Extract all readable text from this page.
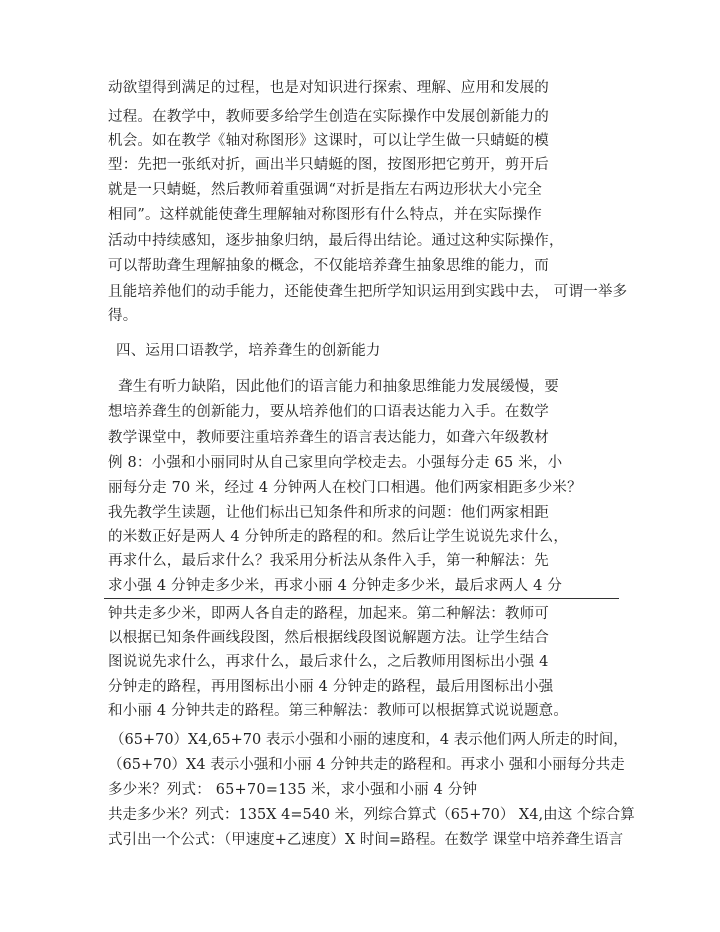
动欲望得到满足的过程，也是对知识进行探索、理解、应用和发展的
过程。在教学中，教师要多给学生创造在实际操作中发展创新能力的
机会。如在教学《轴对称图形》这课时，可以让学生做一只蜻蜓的模
型：先把一张纸对折，画出半只蜻蜓的图，按图形把它剪开，剪开后
就是一只蜻蜓，然后教师着重强调“对折是指左右两边形状大小完全
相同”。这样就能使聋生理解轴对称图形有什么特点，并在实际操作
活动中持续感知，逐步抽象归纳，最后得出结论。通过这种实际操作，
可以帮助聋生理解抽象的概念，不仅能培养聋生抽象思维的能力，而
且能培养他们的动手能力，还能使聋生把所学知识运用到实践中去， 可谓一举多
得。
四、运用口语教学，培养聋生的创新能力
聋生有听力缺陷，因此他们的语言能力和抽象思维能力发展缓慢，要
想培养聋生的创新能力，要从培养他们的口语表达能力入手。在数学
教学课堂中，教师要注重培养聋生的语言表达能力，如聋六年级教材
例 8：小强和小丽同时从自己家里向学校走去。小强每分走 65 米，小
丽每分走 70 米，经过 4 分钟两人在校门口相遇。他们两家相距多少米？
我先教学生读题，让他们标出已知条件和所求的问题：他们两家相距
的米数正好是两人 4 分钟所走的路程的和。然后让学生说说先求什么，
再求什么，最后求什么？我采用分析法从条件入手，第一种解法：先
求小强 4 分钟走多少米，再求小丽 4 分钟走多少米，最后求两人 4 分
钟共走多少米，即两人各自走的路程，加起来。第二种解法：教师可
以根据已知条件画线段图，然后根据线段图说解题方法。让学生结合
图说说先求什么，再求什么，最后求什么，之后教师用图标出小强 4
分钟走的路程，再用图标出小丽 4 分钟走的路程，最后用图标出小强
和小丽 4 分钟共走的路程。第三种解法：教师可以根据算式说说题意。
（65+70）X4,65+70 表示小强和小丽的速度和，4 表示他们两人所走的时间，
（65+70）X4 表示小强和小丽 4 分钟共走的路程和。再求小 强和小丽每分共走
多少米？列式： 65+70=135 米，求小强和小丽 4 分钟
共走多少米？列式：135X 4=540 米，列综合算式（65+70） X4,由这 个综合算
式引出一个公式：（甲速度+乙速度）X 时间=路程。在数学 课堂中培养聋生语言
